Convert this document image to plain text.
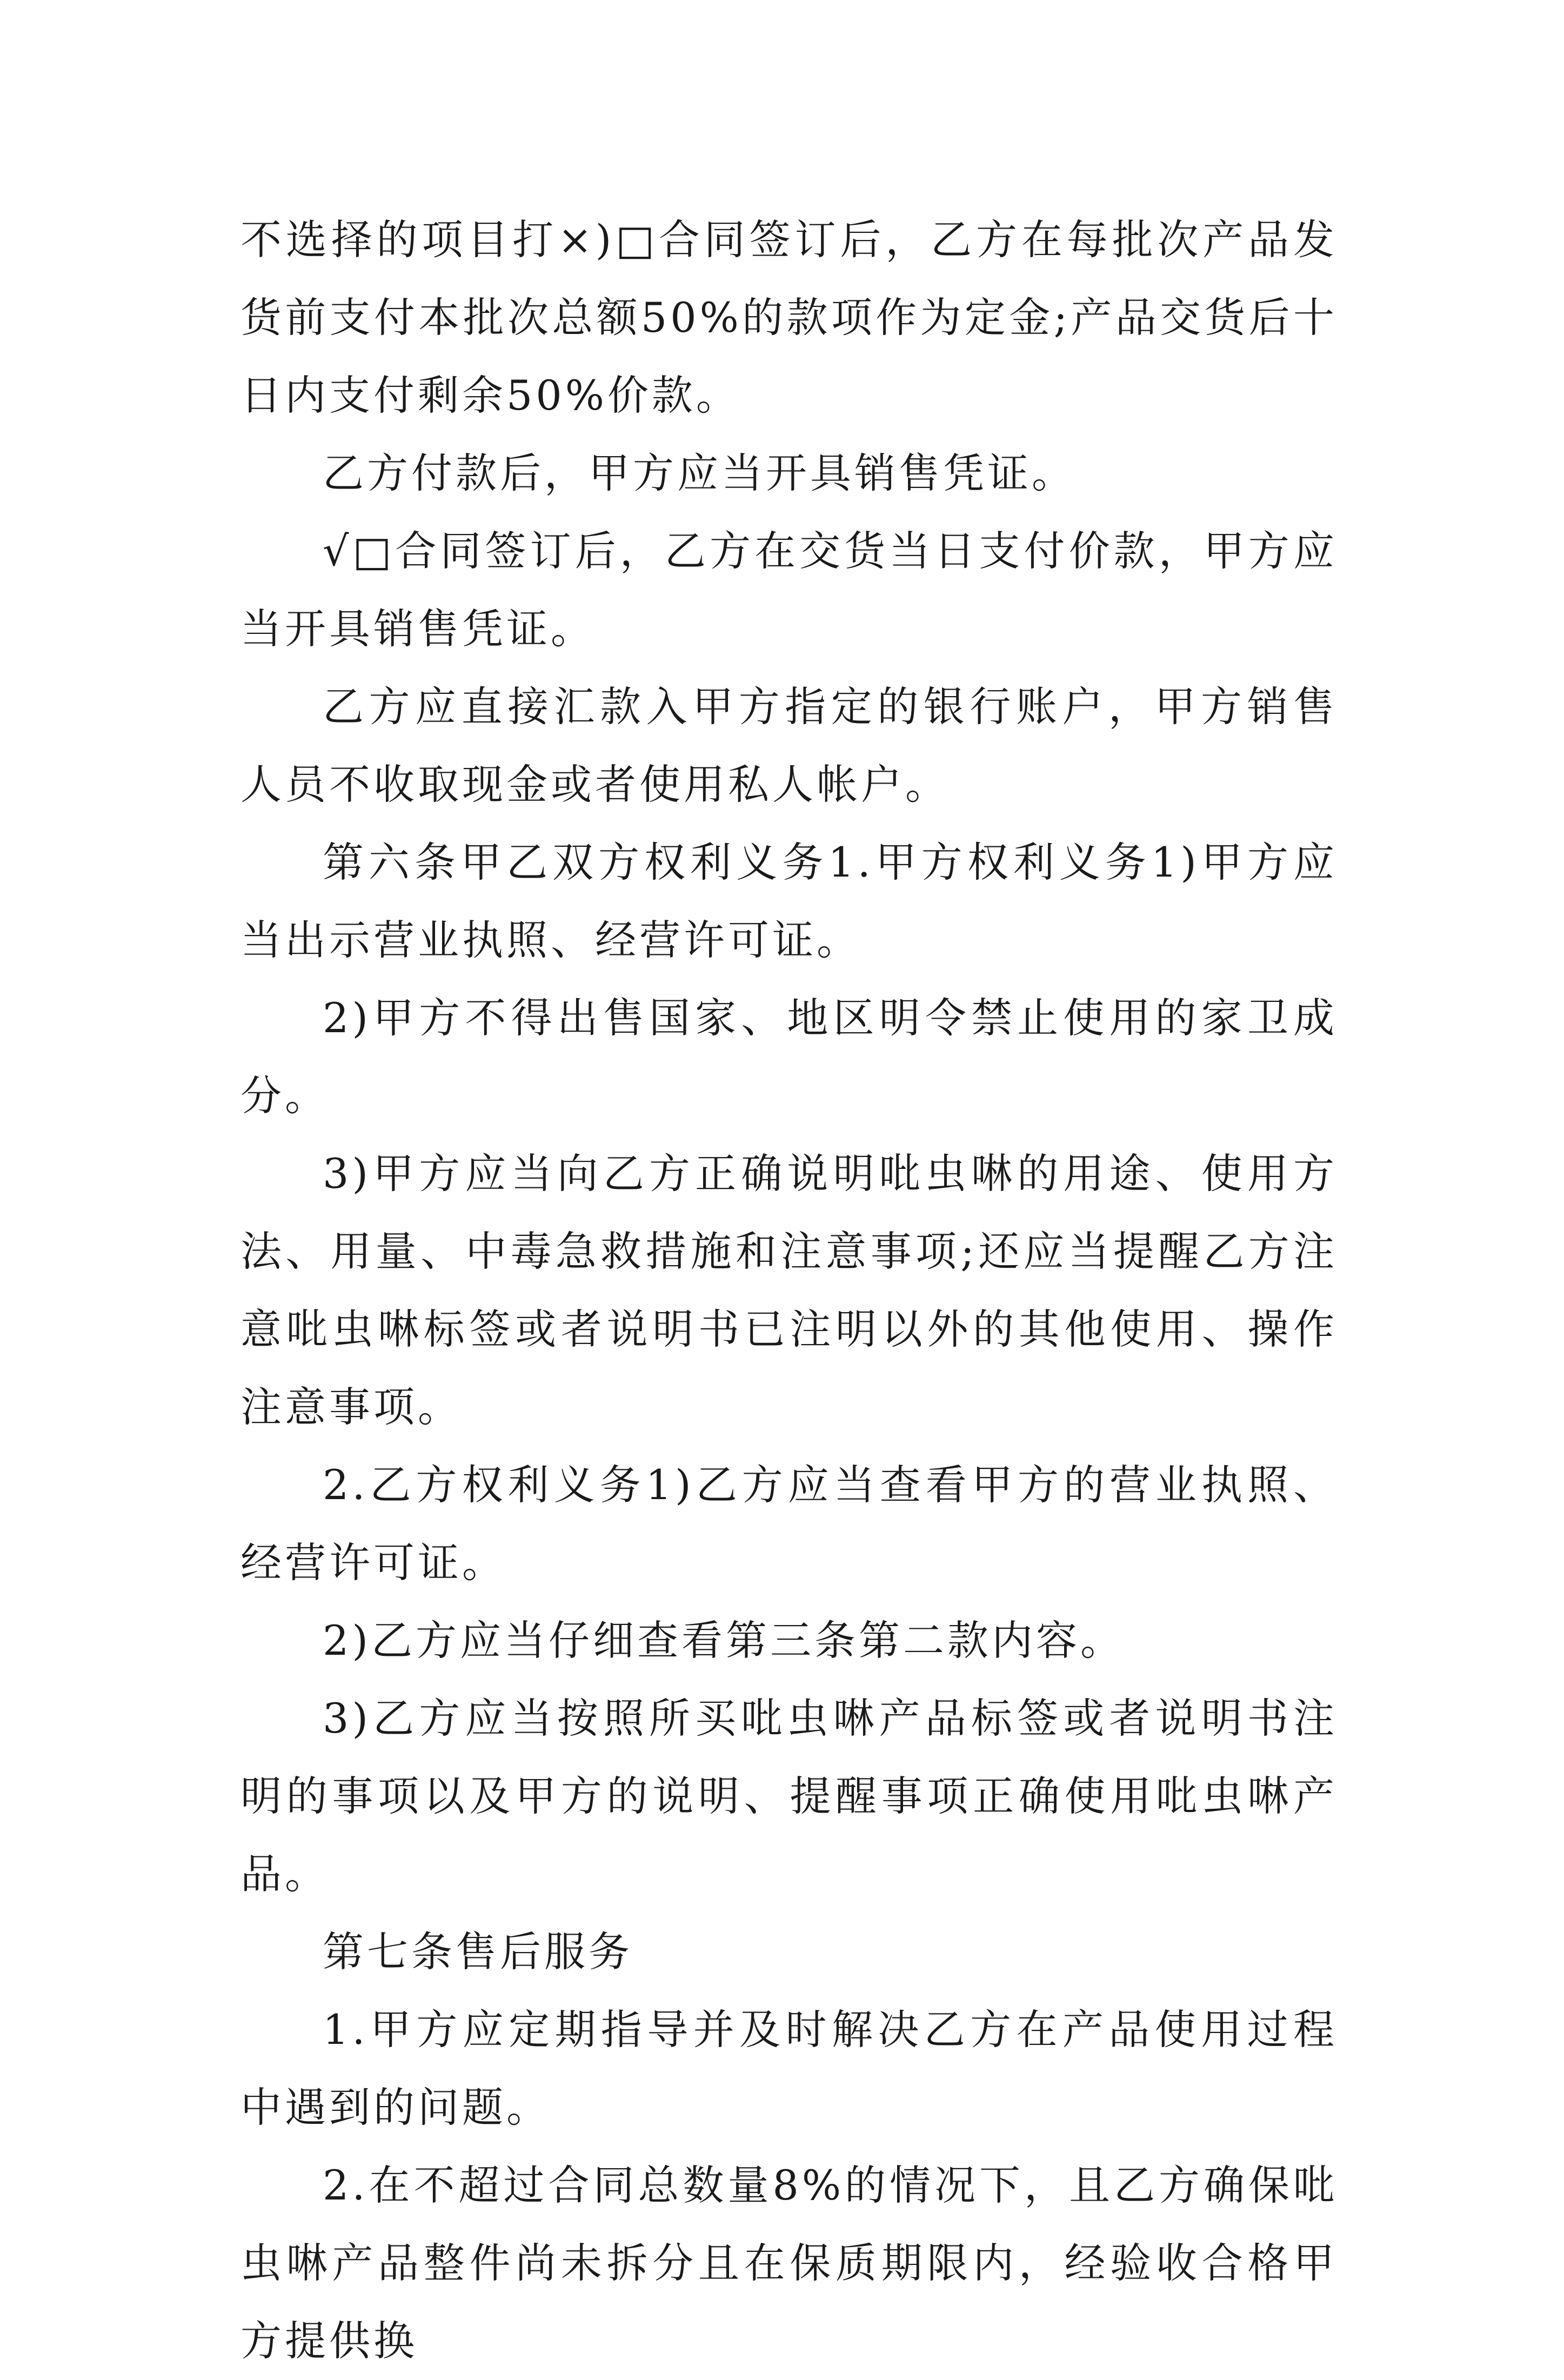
不选择的项目打×)□合同签订后，乙方在每批次产品发货前支付本批次总额50%的款项作为定金;产品交货后十日内支付剩余50%价款。

乙方付款后，甲方应当开具销售凭证。

√□合同签订后，乙方在交货当日支付价款，甲方应当开具销售凭证。

乙方应直接汇款入甲方指定的银行账户，甲方销售人员不收取现金或者使用私人帐户。

第六条甲乙双方权利义务1.甲方权利义务1)甲方应当出示营业执照、经营许可证。

2)甲方不得出售国家、地区明令禁止使用的家卫成分。

3)甲方应当向乙方正确说明吡虫啉的用途、使用方法、用量、中毒急救措施和注意事项;还应当提醒乙方注意吡虫啉标签或者说明书已注明以外的其他使用、操作注意事项。

2.乙方权利义务1)乙方应当查看甲方的营业执照、经营许可证。

2)乙方应当仔细查看第三条第二款内容。

3)乙方应当按照所买吡虫啉产品标签或者说明书注明的事项以及甲方的说明、提醒事项正确使用吡虫啉产品。

第七条售后服务

1.甲方应定期指导并及时解决乙方在产品使用过程中遇到的问题。

2.在不超过合同总数量8%的情况下，且乙方确保吡虫啉产品整件尚未拆分且在保质期限内，经验收合格甲方提供换
